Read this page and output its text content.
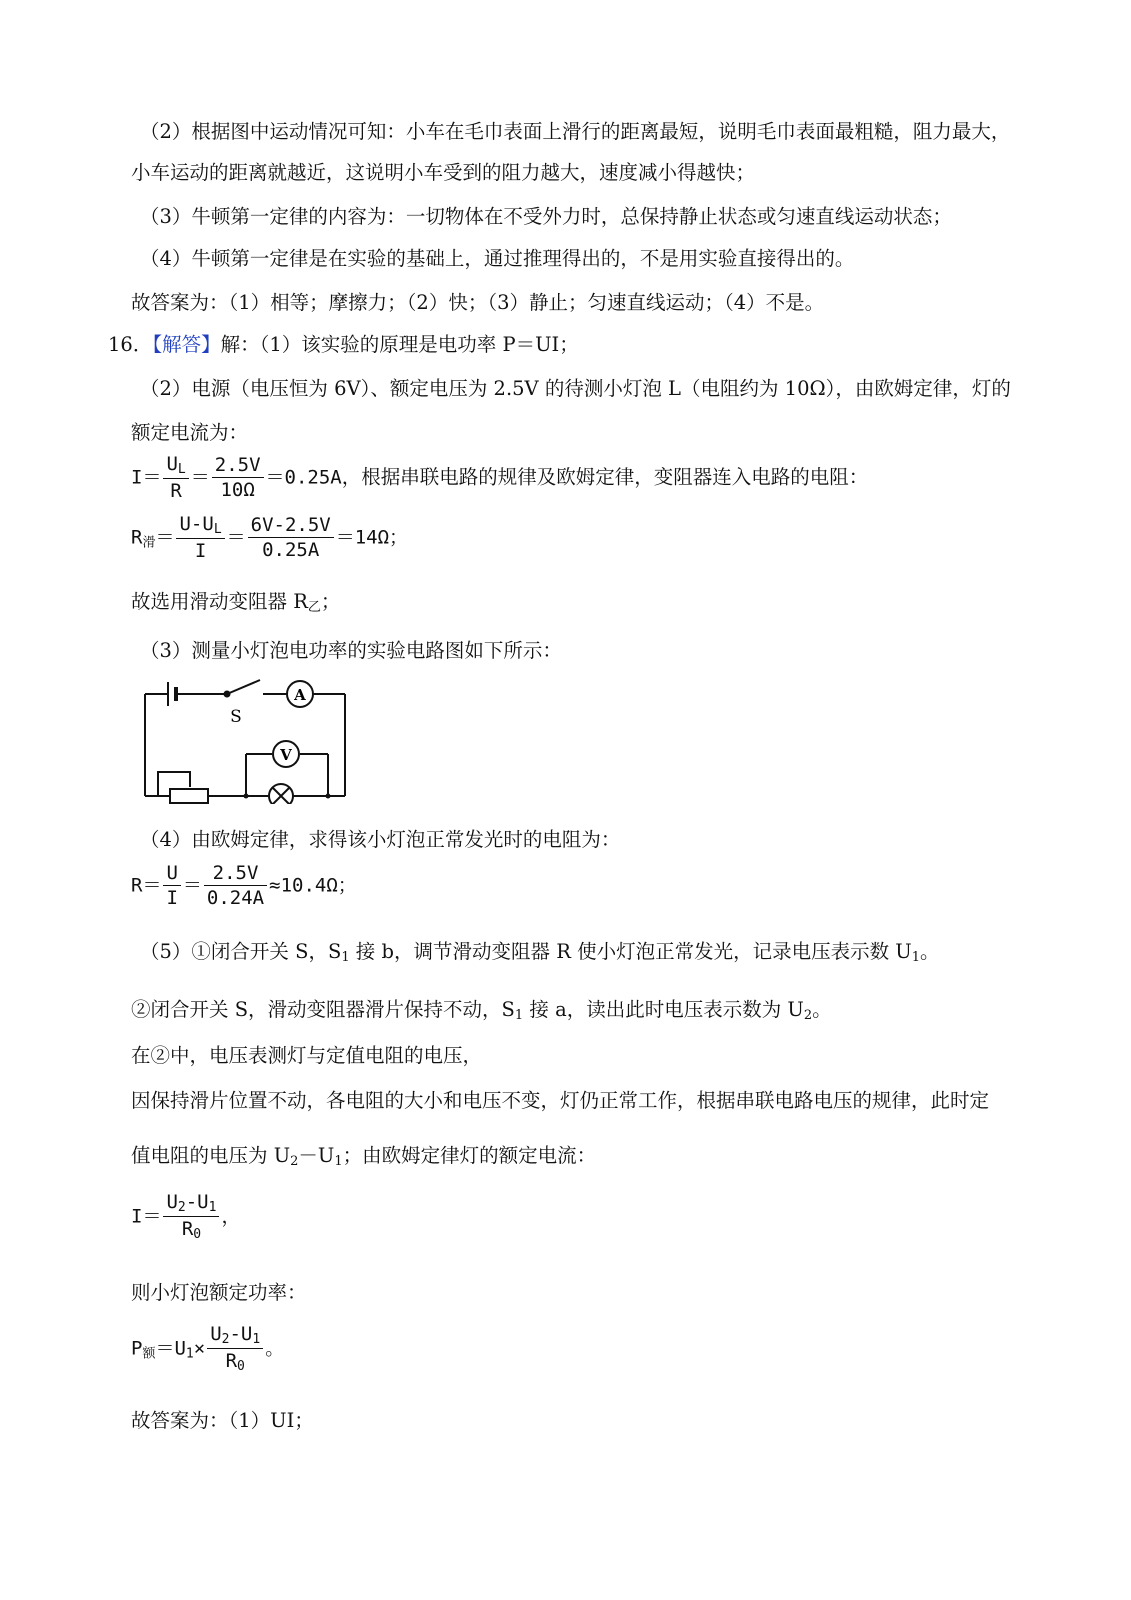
（2）根据图中运动情况可知：小车在毛巾表面上滑行的距离最短，说明毛巾表面最粗糙，阻力最大，
小车运动的距离就越近，这说明小车受到的阻力越大，速度减小得越快；
（3）牛顿第一定律的内容为：一切物体在不受外力时，总保持静止状态或匀速直线运动状态；
（4）牛顿第一定律是在实验的基础上，通过推理得出的，不是用实验直接得出的。
故答案为：（1）相等；摩擦力；（2）快；（3）静止；匀速直线运动；（4）不是。
16．【解答】解：（1）该实验的原理是电功率 P＝UI；
（2）电源（电压恒为 6V）、额定电压为 2.5V 的待测小灯泡 L（电阻约为 10Ω），由欧姆定律，灯的
额定电流为：
$I= \frac{U_L}{R} = \frac{2.5V}{10\Omega} =0.25A$，根据串联电路的规律及欧姆定律，变阻器连入电路的电阻：
$R_滑= \frac{U-U_L}{I} = \frac{6V-2.5V}{0.25A} =14\Omega$；
故选用滑动变阻器 $R_乙$；
（3）测量小灯泡电功率的实验电路图如下所示：
A
V
S
（4）由欧姆定律，求得该小灯泡正常发光时的电阻为：
$R= \frac{U}{I} = \frac{2.5V}{0.24A} \approx 10.4\Omega$；
（5）①闭合开关 S，$S_1$ 接 b，调节滑动变阻器 R 使小灯泡正常发光，记录电压表示数 $U_1$。
②闭合开关 S，滑动变阻器滑片保持不动，$S_1$ 接 a，读出此时电压表示数为 $U_2$。
在②中，电压表测灯与定值电阻的电压，
因保持滑片位置不动，各电阻的大小和电压不变，灯仍正常工作，根据串联电路电压的规律，此时定
值电阻的电压为 $U_2-U_1$；由欧姆定律灯的额定电流：
$I= \frac{U_2-U_1}{R_0}$ ，
则小灯泡额定功率：
$P_额=U_1\times \frac{U_2-U_1}{R_0}$ 。
故答案为：（1）UI；
